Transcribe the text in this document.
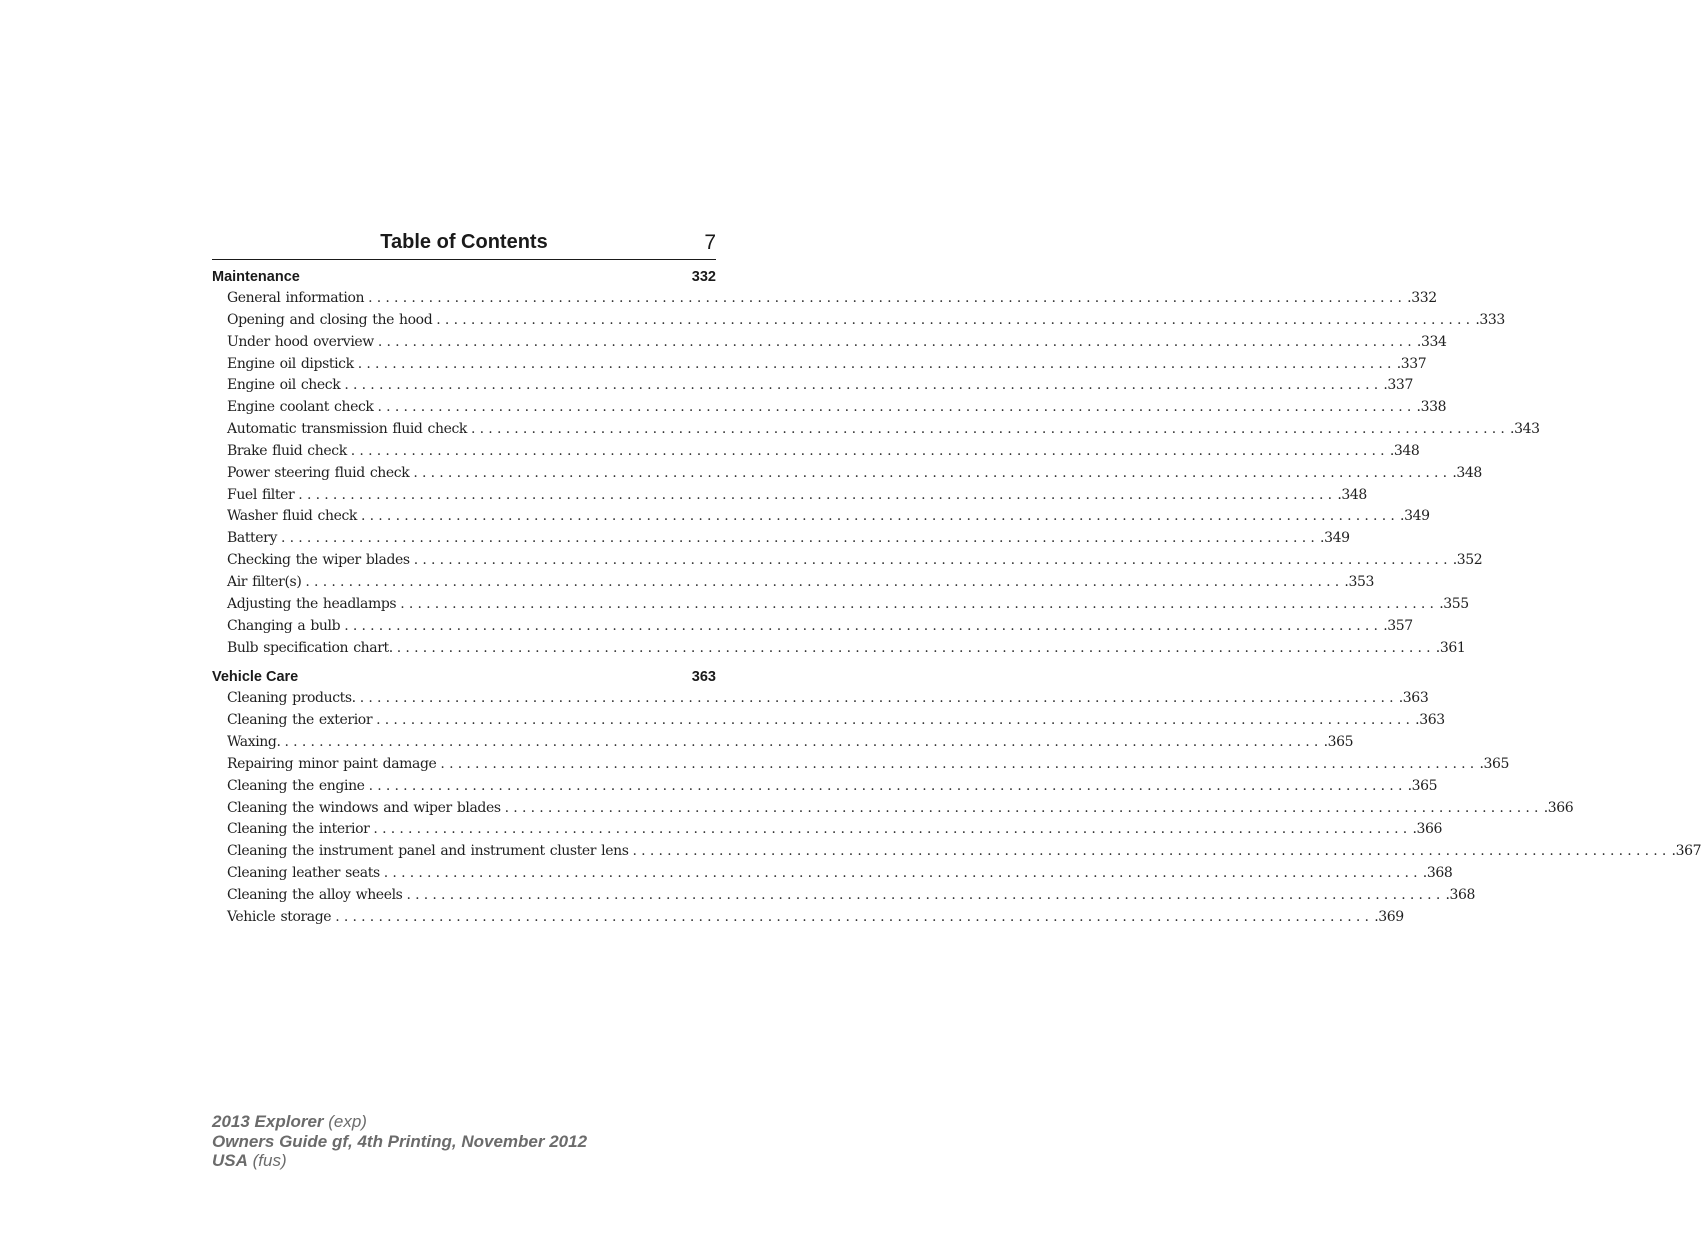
Table of Contents	7
Maintenance	332
General information ........................................................................................................................ .332
Opening and closing the hood ........................................................................................................................ .333
Under hood overview ........................................................................................................................ .334
Engine oil dipstick ........................................................................................................................ .337
Engine oil check ........................................................................................................................ .337
Engine coolant check ........................................................................................................................ .338
Automatic transmission fluid check ........................................................................................................................ .343
Brake fluid check ........................................................................................................................ .348
Power steering fluid check ........................................................................................................................ .348
Fuel filter ........................................................................................................................ .348
Washer fluid check ........................................................................................................................ .349
Battery ........................................................................................................................ .349
Checking the wiper blades ........................................................................................................................ .352
Air filter(s) ........................................................................................................................ .353
Adjusting the headlamps ........................................................................................................................ .355
Changing a bulb ........................................................................................................................ .357
Bulb specification chart. ........................................................................................................................ .361
Vehicle Care	363
Cleaning products. ........................................................................................................................ .363
Cleaning the exterior ........................................................................................................................ .363
Waxing. ........................................................................................................................ .365
Repairing minor paint damage ........................................................................................................................ .365
Cleaning the engine ........................................................................................................................ .365
Cleaning the windows and wiper blades ........................................................................................................................ .366
Cleaning the interior ........................................................................................................................ .366
Cleaning the instrument panel and instrument cluster lens ........................................................................................................................ .367
Cleaning leather seats ........................................................................................................................ .368
Cleaning the alloy wheels ........................................................................................................................ .368
Vehicle storage ........................................................................................................................ .369
2013 Explorer (exp)
Owners Guide gf, 4th Printing, November 2012
USA (fus)
